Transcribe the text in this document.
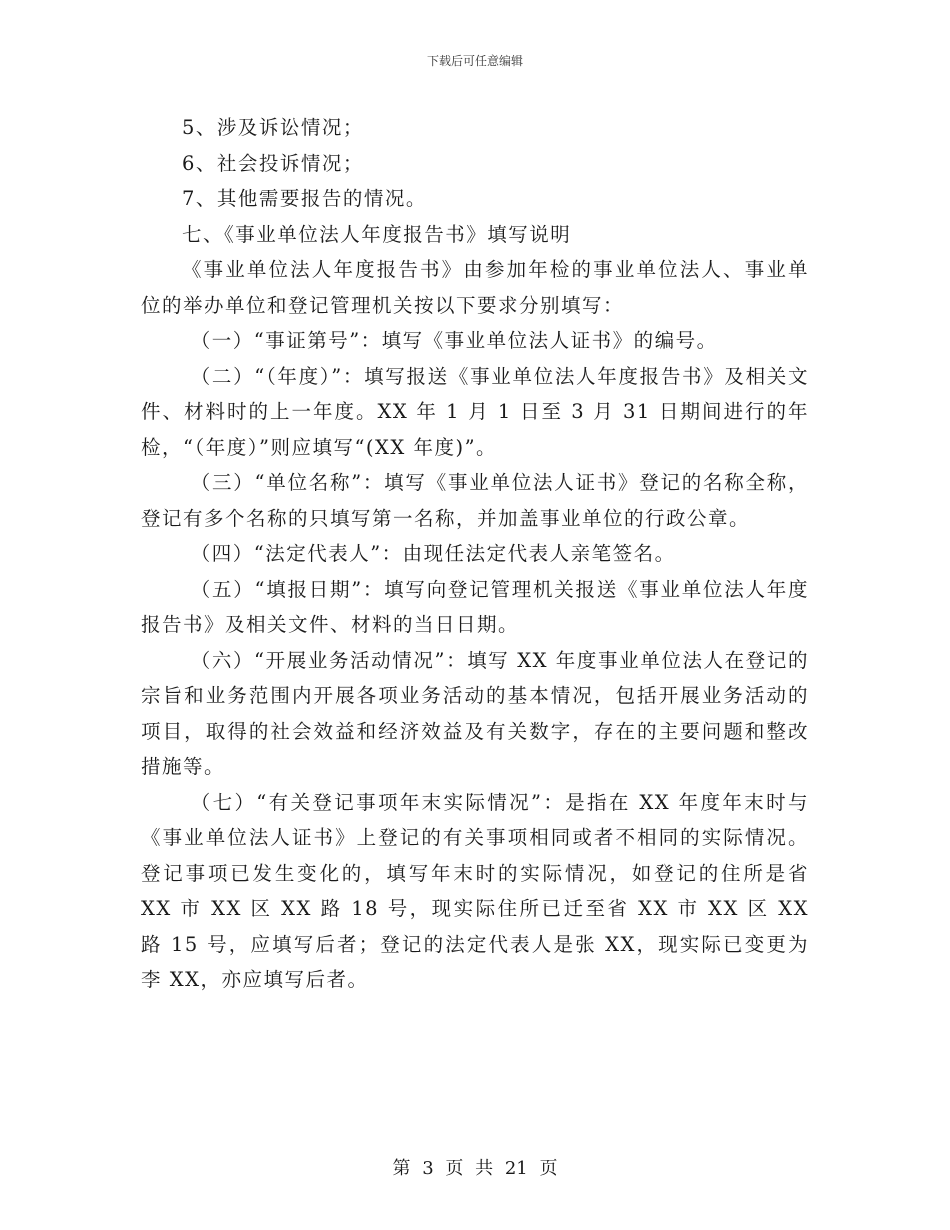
下载后可任意编辑

5、涉及诉讼情况；

6、社会投诉情况；

7、其他需要报告的情况。

七、《事业单位法人年度报告书》填写说明

《事业单位法人年度报告书》由参加年检的事业单位法人、事业单位的举办单位和登记管理机关按以下要求分别填写：

（一）“事证第号”：填写《事业单位法人证书》的编号。

（二）“（年度）”：填写报送《事业单位法人年度报告书》及相关文件、材料时的上一年度。XX 年 1 月 1 日至 3 月 31 日期间进行的年检，“（年度）”则应填写“(XX 年度)”。

（三）“单位名称”：填写《事业单位法人证书》登记的名称全称，登记有多个名称的只填写第一名称，并加盖事业单位的行政公章。

（四）“法定代表人”：由现任法定代表人亲笔签名。

（五）“填报日期”：填写向登记管理机关报送《事业单位法人年度报告书》及相关文件、材料的当日日期。

（六）“开展业务活动情况”：填写 XX 年度事业单位法人在登记的宗旨和业务范围内开展各项业务活动的基本情况，包括开展业务活动的项目，取得的社会效益和经济效益及有关数字，存在的主要问题和整改措施等。

（七）“有关登记事项年末实际情况”：是指在 XX 年度年末时与《事业单位法人证书》上登记的有关事项相同或者不相同的实际情况。登记事项已发生变化的，填写年末时的实际情况，如登记的住所是省 XX 市 XX 区 XX 路 18 号，现实际住所已迁至省 XX 市 XX 区 XX 路 15 号，应填写后者；登记的法定代表人是张 XX，现实际已变更为李 XX，亦应填写后者。

第 3 页 共 21 页
